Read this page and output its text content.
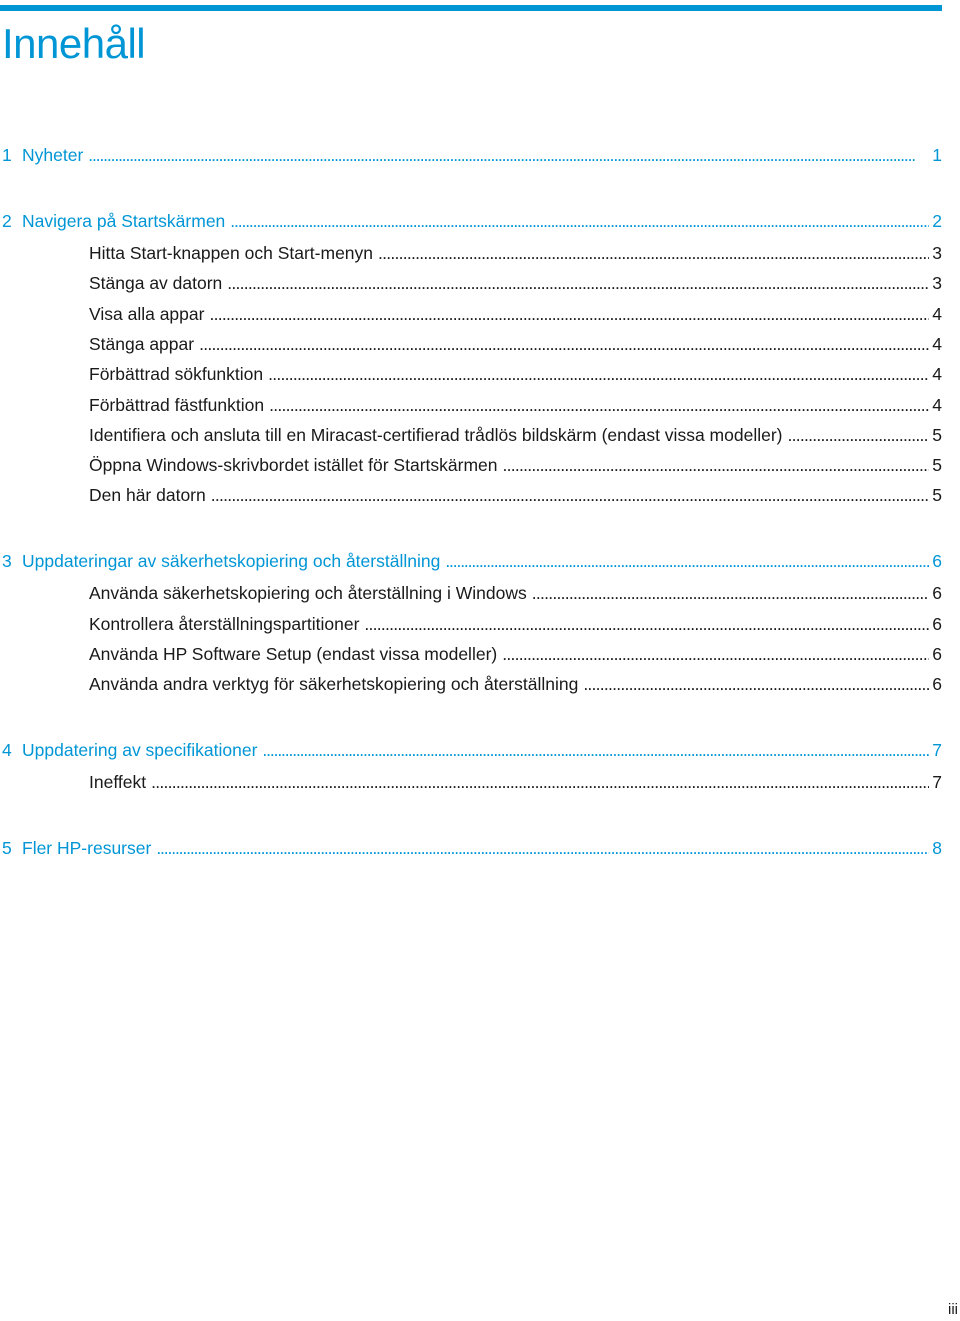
Innehåll
1 Nyheter . . .	1
2 Navigera på Startskärmen . . .	2
Hitta Start-knappen och Start-menyn . . .	3
Stänga av datorn . . .	3
Visa alla appar . . .	4
Stänga appar . . .	4
Förbättrad sökfunktion . . .	4
Förbättrad fästfunktion . . .	4
Identifiera och ansluta till en Miracast-certifierad trådlös bildskärm (endast vissa modeller) . . .	5
Öppna Windows-skrivbordet istället för Startskärmen . . .	5
Den här datorn . . .	5
3 Uppdateringar av säkerhetskopiering och återställning . . .	6
Använda säkerhetskopiering och återställning i Windows . . .	6
Kontrollera återställningspartitioner . . .	6
Använda HP Software Setup (endast vissa modeller) . . .	6
Använda andra verktyg för säkerhetskopiering och återställning . . .	6
4 Uppdatering av specifikationer . . .	7
Ineffekt . . .	7
5 Fler HP-resurser . . .	8
iii
